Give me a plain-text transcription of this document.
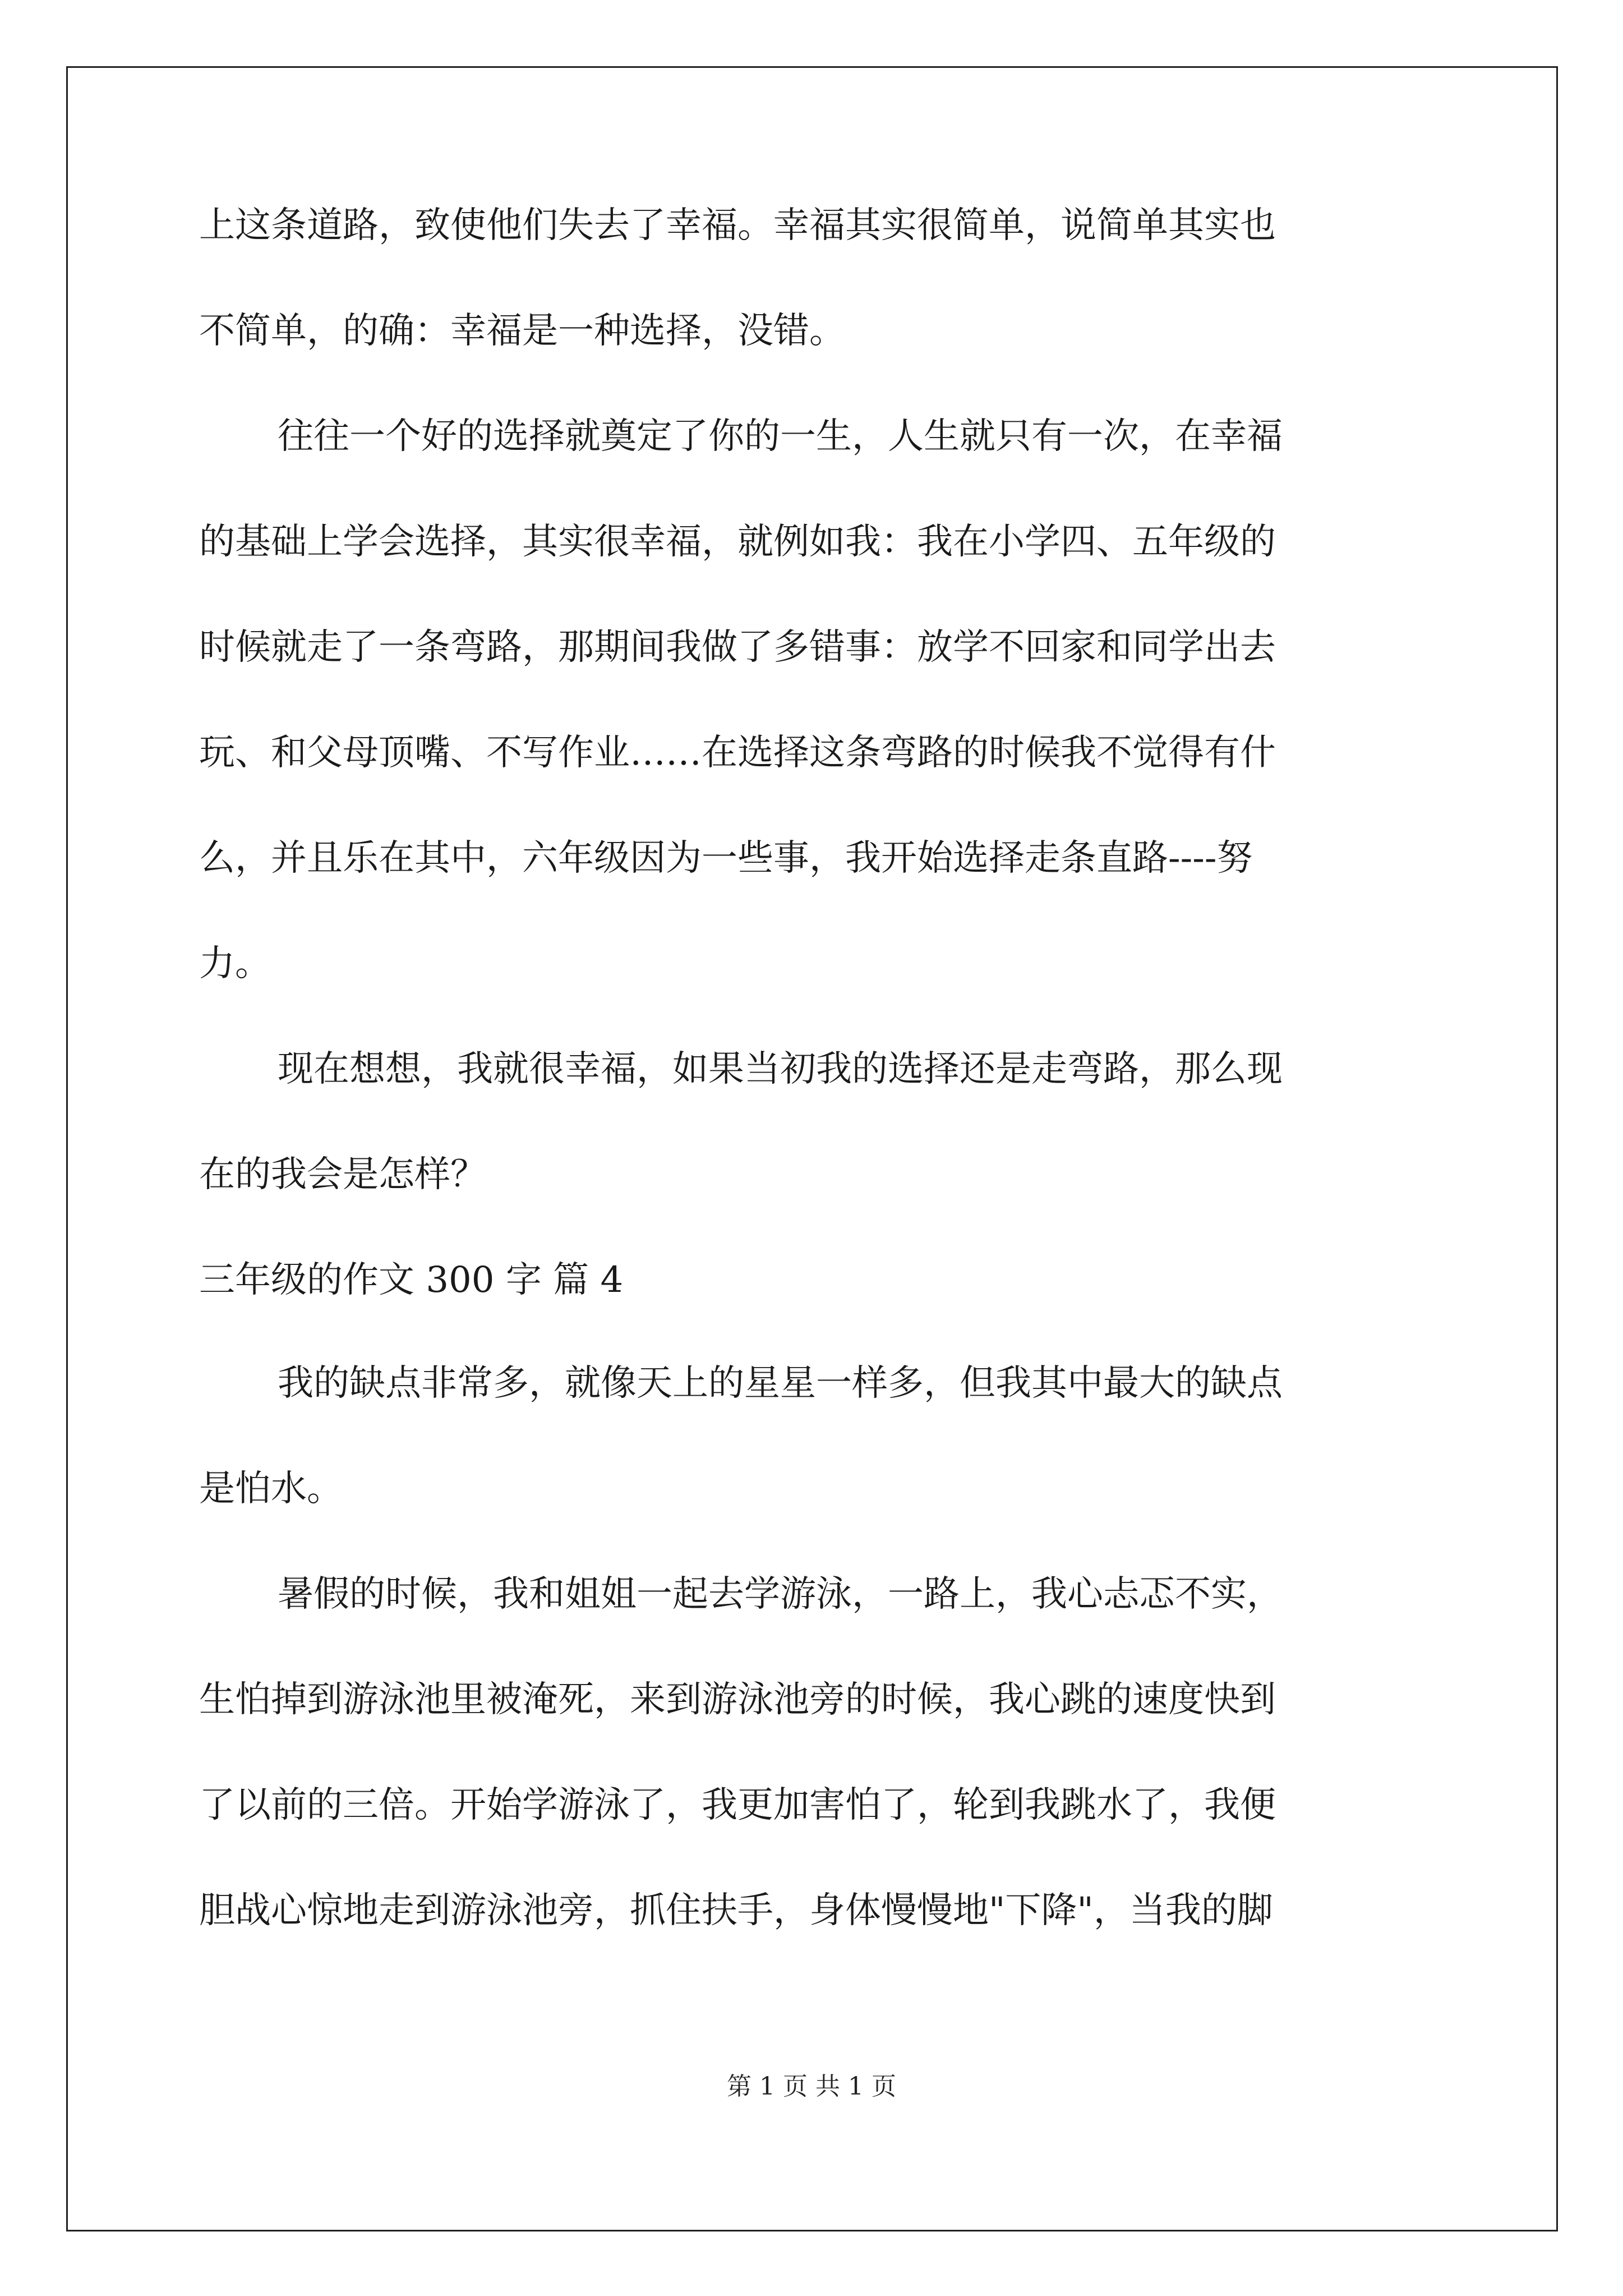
上这条道路，致使他们失去了幸福。幸福其实很简单，说简单其实也
不简单，的确：幸福是一种选择，没错。
往往一个好的选择就奠定了你的一生，人生就只有一次，在幸福
的基础上学会选择，其实很幸福，就例如我：我在小学四、五年级的
时候就走了一条弯路，那期间我做了多错事：放学不回家和同学出去
玩、和父母顶嘴、不写作业……在选择这条弯路的时候我不觉得有什
么，并且乐在其中，六年级因为一些事，我开始选择走条直路----努
力。
现在想想，我就很幸福，如果当初我的选择还是走弯路，那么现
在的我会是怎样？
三年级的作文 300 字 篇 4
我的缺点非常多，就像天上的星星一样多，但我其中最大的缺点
是怕水。
暑假的时候，我和姐姐一起去学游泳，一路上，我心忐忑不实，
生怕掉到游泳池里被淹死，来到游泳池旁的时候，我心跳的速度快到
了以前的三倍。开始学游泳了，我更加害怕了，轮到我跳水了，我便
胆战心惊地走到游泳池旁，抓住扶手，身体慢慢地"下降"，当我的脚
第 1 页 共 1 页
